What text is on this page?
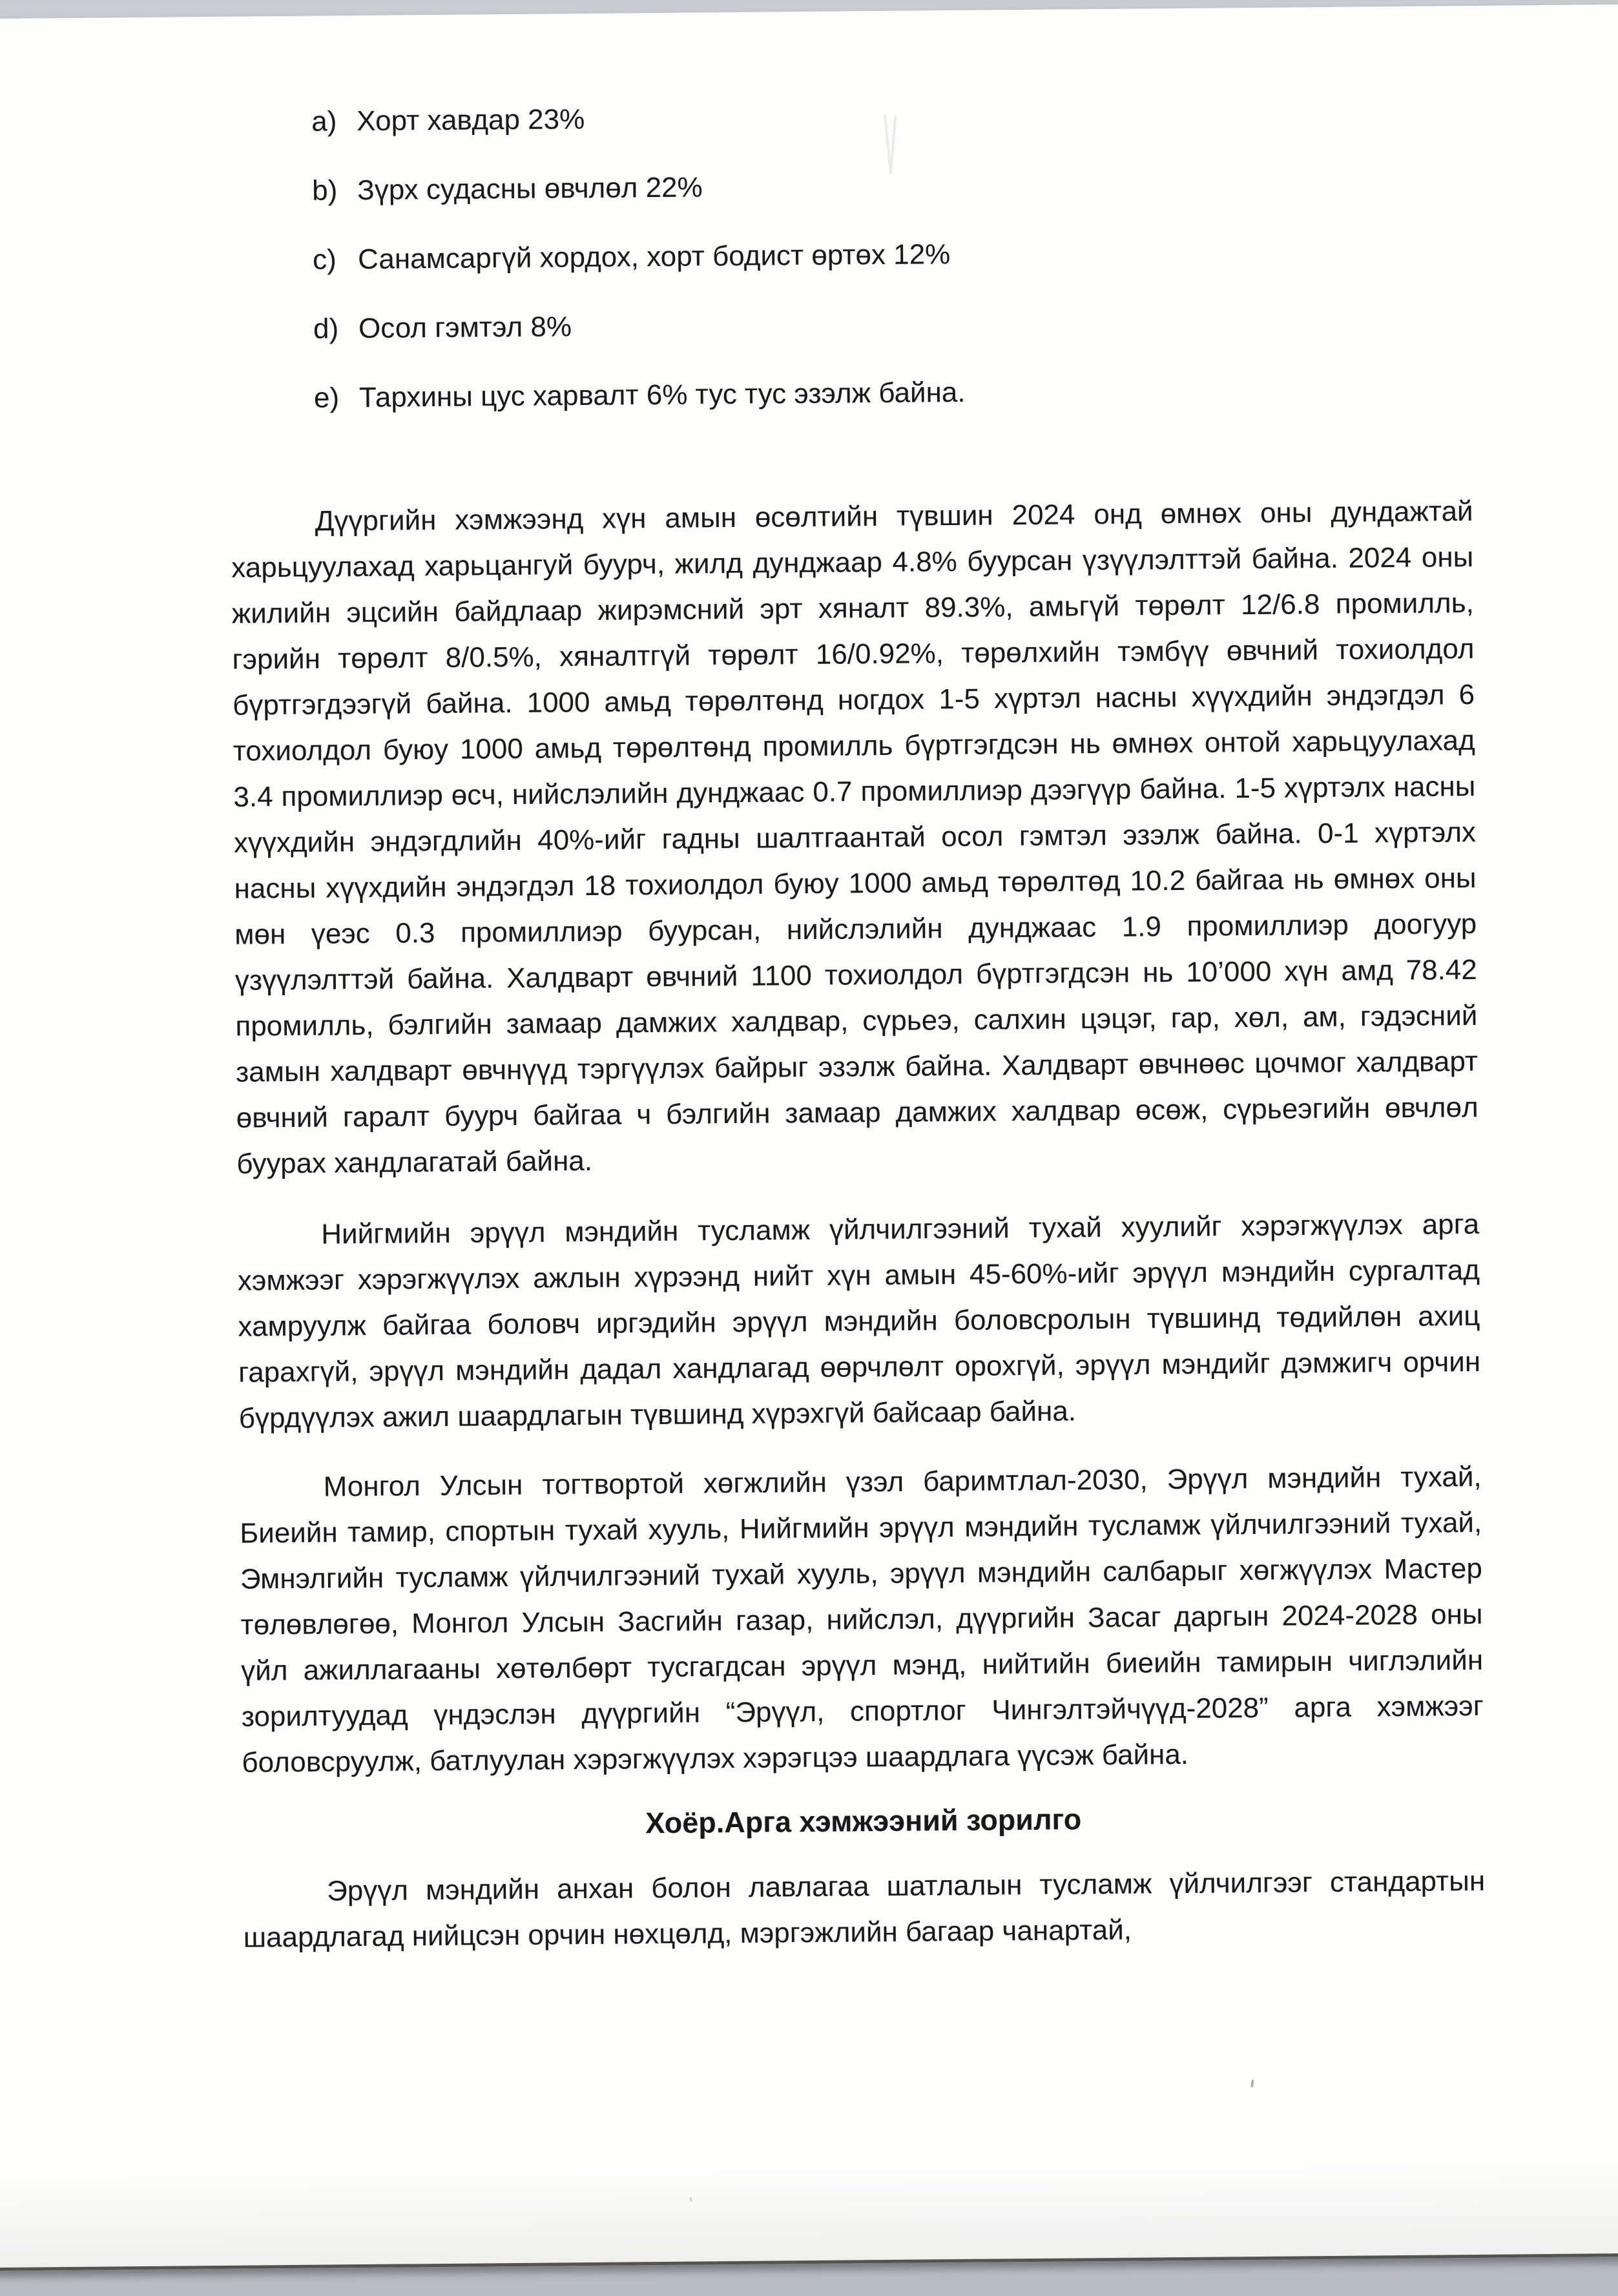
a) Хорт хавдар 23%
b) Зүрх судасны өвчлөл 22%
c) Санамсаргүй хордох, хорт бодист өртөх 12%
d) Осол гэмтэл 8%
e) Тархины цус харвалт 6% тус тус эзэлж байна.

Дүүргийн хэмжээнд хүн амын өсөлтийн түвшин 2024 онд өмнөх оны дундажтай харьцуулахад харьцангуй буурч, жилд дунджаар 4.8% буурсан үзүүлэлттэй байна. 2024 оны жилийн эцсийн байдлаар жирэмсний эрт хяналт 89.3%, амьгүй төрөлт 12/6.8 промилль, гэрийн төрөлт 8/0.5%, хяналтгүй төрөлт 16/0.92%, төрөлхийн тэмбүү өвчний тохиолдол бүртгэгдээгүй байна. 1000 амьд төрөлтөнд ногдох 1-5 хүртэл насны хүүхдийн эндэгдэл 6 тохиолдол буюу 1000 амьд төрөлтөнд промилль бүртгэгдсэн нь өмнөх онтой харьцуулахад 3.4 промиллиэр өсч, нийслэлийн дунджаас 0.7 промиллиэр дээгүүр байна. 1-5 хүртэлх насны хүүхдийн эндэгдлийн 40%-ийг гадны шалтгаантай осол гэмтэл эзэлж байна. 0-1 хүртэлх насны хүүхдийн эндэгдэл 18 тохиолдол буюу 1000 амьд төрөлтөд 10.2 байгаа нь өмнөх оны мөн үеэс 0.3 промиллиэр буурсан, нийслэлийн дунджаас 1.9 промиллиэр доогуур үзүүлэлттэй байна. Халдварт өвчний 1100 тохиолдол бүртгэгдсэн нь 10’000 хүн амд 78.42 промилль, бэлгийн замаар дамжих халдвар, сүрьеэ, салхин цэцэг, гар, хөл, ам, гэдэсний замын халдварт өвчнүүд тэргүүлэх байрыг эзэлж байна. Халдварт өвчнөөс цочмог халдварт өвчний гаралт буурч байгаа ч бэлгийн замаар дамжих халдвар өсөж, сүрьеэгийн өвчлөл буурах хандлагатай байна.

Нийгмийн эрүүл мэндийн тусламж үйлчилгээний тухай хуулийг хэрэгжүүлэх арга хэмжээг хэрэгжүүлэх ажлын хүрээнд нийт хүн амын 45-60%-ийг эрүүл мэндийн сургалтад хамруулж байгаа боловч иргэдийн эрүүл мэндийн боловсролын түвшинд төдийлөн ахиц гарахгүй, эрүүл мэндийн дадал хандлагад өөрчлөлт орохгүй, эрүүл мэндийг дэмжигч орчин бүрдүүлэх ажил шаардлагын түвшинд хүрэхгүй байсаар байна.

Монгол Улсын тогтвортой хөгжлийн үзэл баримтлал-2030, Эрүүл мэндийн тухай, Биеийн тамир, спортын тухай хууль, Нийгмийн эрүүл мэндийн тусламж үйлчилгээний тухай, Эмнэлгийн тусламж үйлчилгээний тухай хууль, эрүүл мэндийн салбарыг хөгжүүлэх Мастер төлөвлөгөө, Монгол Улсын Засгийн газар, нийслэл, дүүргийн Засаг даргын 2024-2028 оны үйл ажиллагааны хөтөлбөрт тусгагдсан эрүүл мэнд, нийтийн биеийн тамирын чиглэлийн зорилтуудад үндэслэн дүүргийн “Эрүүл, спортлог Чингэлтэйчүүд-2028” арга хэмжээг боловсруулж, батлуулан хэрэгжүүлэх хэрэгцээ шаардлага үүсэж байна.

Хоёр.Арга хэмжээний зорилго

Эрүүл мэндийн анхан болон лавлагаа шатлалын тусламж үйлчилгээг стандартын шаардлагад нийцсэн орчин нөхцөлд, мэргэжлийн багаар чанартай,
